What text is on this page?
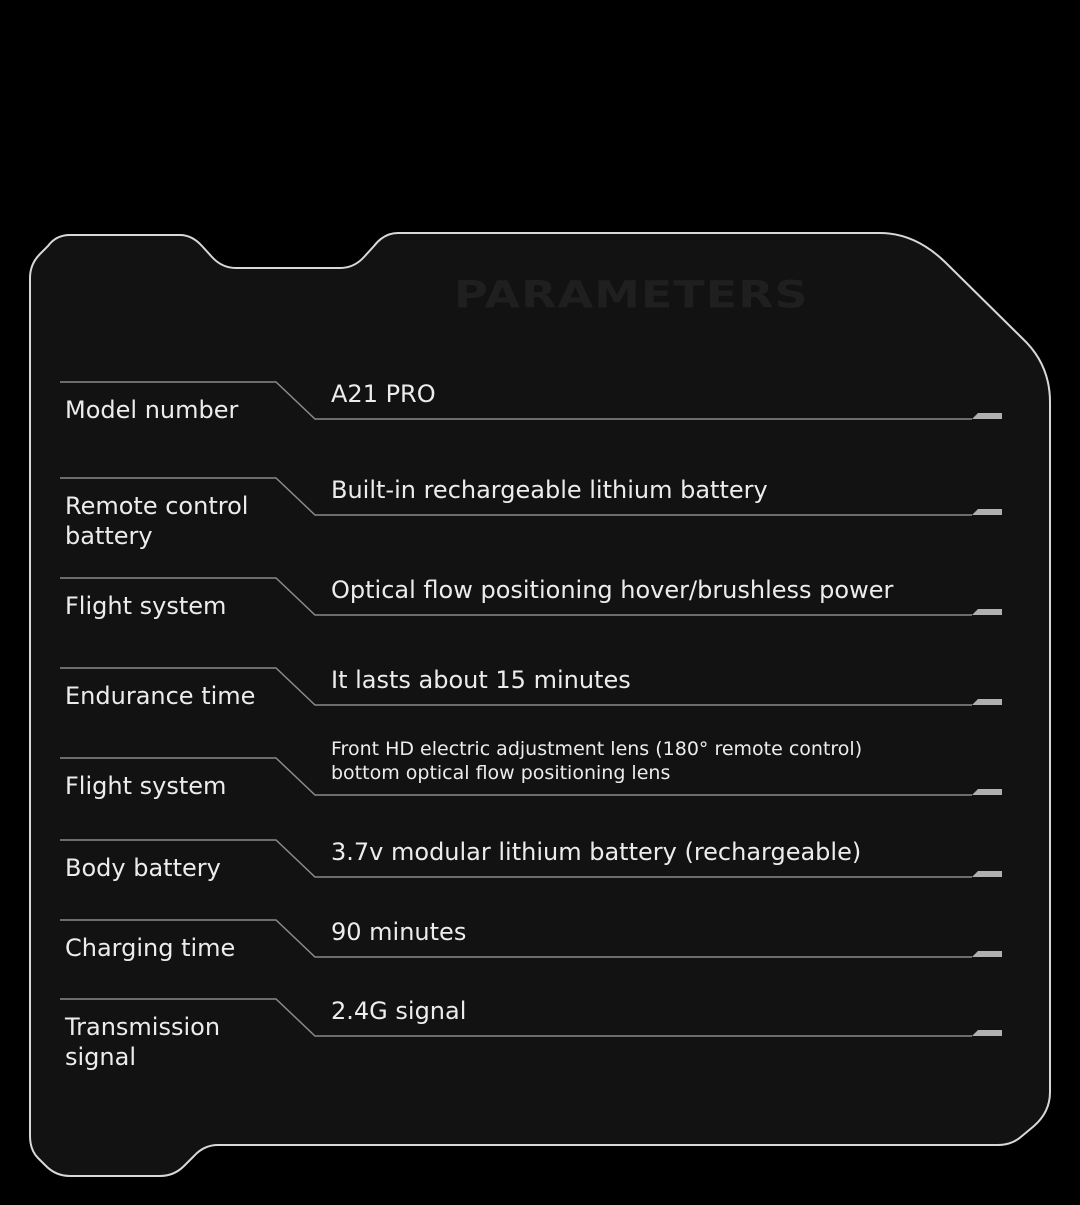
PARAMETERS
A21 PRO
Model number
Built-in rechargeable lithium battery
Remote control battery
Optical flow positioning hover/brushless power
Flight system
It lasts about 15 minutes
Endurance time
Front HD electric adjustment lens (180° remote control)
bottom optical flow positioning lens
Flight system
3.7v modular lithium battery (rechargeable)
Body battery
90 minutes
Charging time
2.4G signal
Transmission signal
